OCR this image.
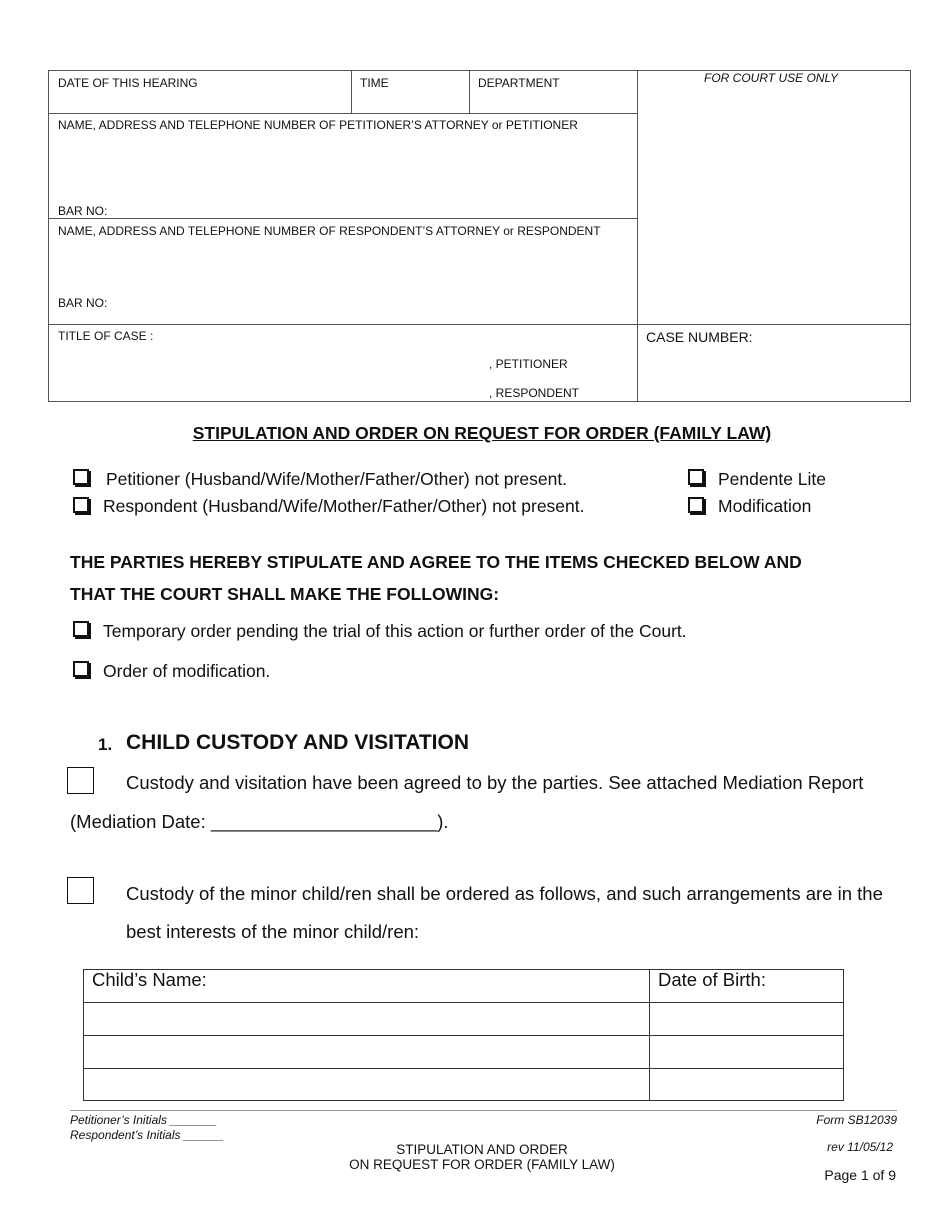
DATE OF THIS HEARING	TIME	DEPARTMENT	FOR COURT USE ONLY
NAME, ADDRESS AND TELEPHONE NUMBER OF PETITIONER’S ATTORNEY or PETITIONER
BAR NO:
NAME, ADDRESS AND TELEPHONE NUMBER OF RESPONDENT’S ATTORNEY or RESPONDENT
BAR NO:
TITLE OF CASE :	CASE NUMBER:
, PETITIONER
, RESPONDENT
STIPULATION AND ORDER ON REQUEST FOR ORDER (FAMILY LAW)
Petitioner (Husband/Wife/Mother/Father/Other) not present.
Respondent (Husband/Wife/Mother/Father/Other) not present.
Pendente Lite
Modification
THE PARTIES HEREBY STIPULATE AND AGREE TO THE ITEMS CHECKED BELOW AND
THAT THE COURT SHALL MAKE THE FOLLOWING:
Temporary order pending the trial of this action or further order of the Court.
Order of modification.
1. CHILD CUSTODY AND VISITATION
Custody and visitation have been agreed to by the parties. See attached Mediation Report
(Mediation Date: ______________________).
Custody of the minor child/ren shall be ordered as follows, and such arrangements are in the
best interests of the minor child/ren:
Child’s Name:	Date of Birth:
Petitioner’s Initials _______
Respondent’s Initials ______
STIPULATION AND ORDER
ON REQUEST FOR ORDER (FAMILY LAW)
Form SB12039
rev 11/05/12
Page 1 of 9
